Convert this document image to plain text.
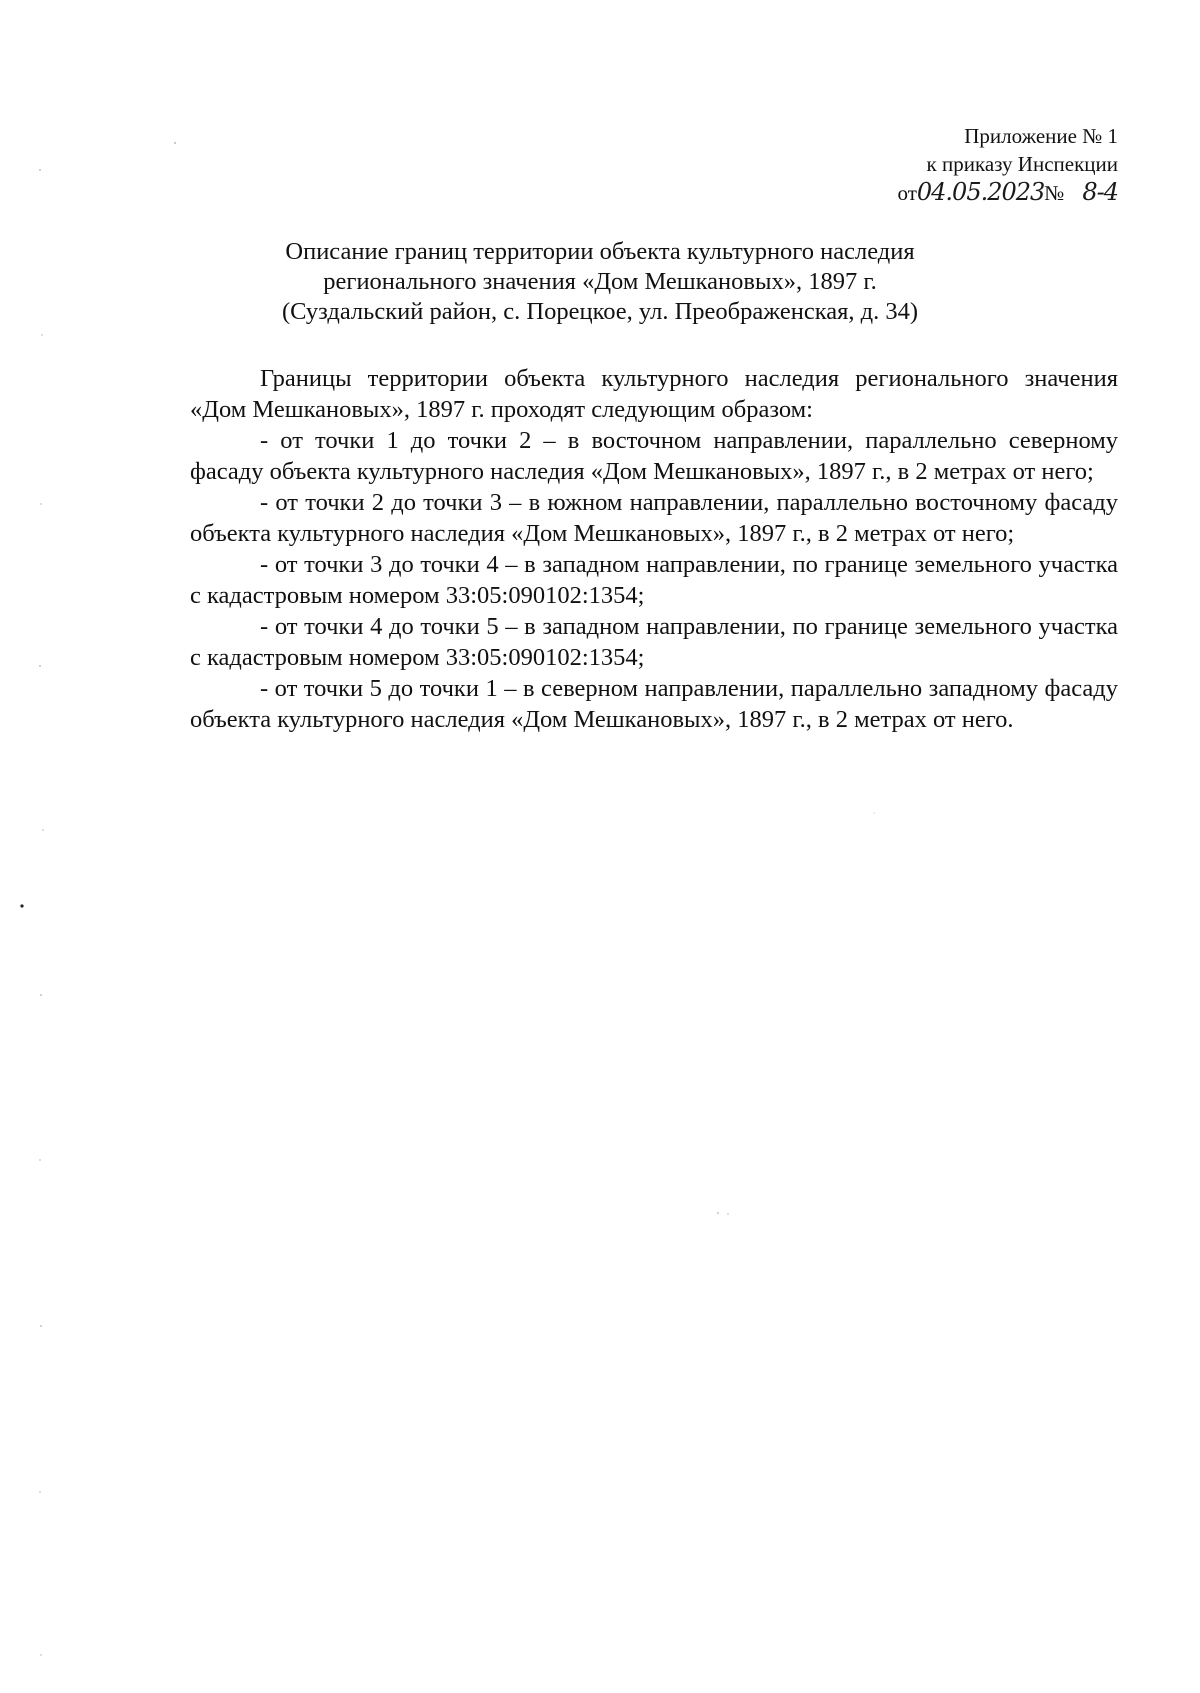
Приложение № 1
к приказу Инспекции
от 04.05.2023 № 8-4
Описание границ территории объекта культурного наследия
регионального значения «Дом Мешкановых», 1897 г.
(Суздальский район, с. Порецкое, ул. Преображенская, д. 34)

Границы территории объекта культурного наследия регионального значения «Дом Мешкановых», 1897 г. проходят следующим образом:

- от точки 1 до точки 2 – в восточном направлении, параллельно северному фасаду объекта культурного наследия «Дом Мешкановых», 1897 г., в 2 метрах от него;

- от точки 2 до точки 3 – в южном направлении, параллельно восточному фасаду объекта культурного наследия «Дом Мешкановых», 1897 г., в 2 метрах от него;

- от точки 3 до точки 4 – в западном направлении, по границе земельного участка с кадастровым номером 33:05:090102:1354;

- от точки 4 до точки 5 – в западном направлении, по границе земельного участка с кадастровым номером 33:05:090102:1354;

- от точки 5 до точки 1 – в северном направлении, параллельно западному фасаду объекта культурного наследия «Дом Мешкановых», 1897 г., в 2 метрах от него.
